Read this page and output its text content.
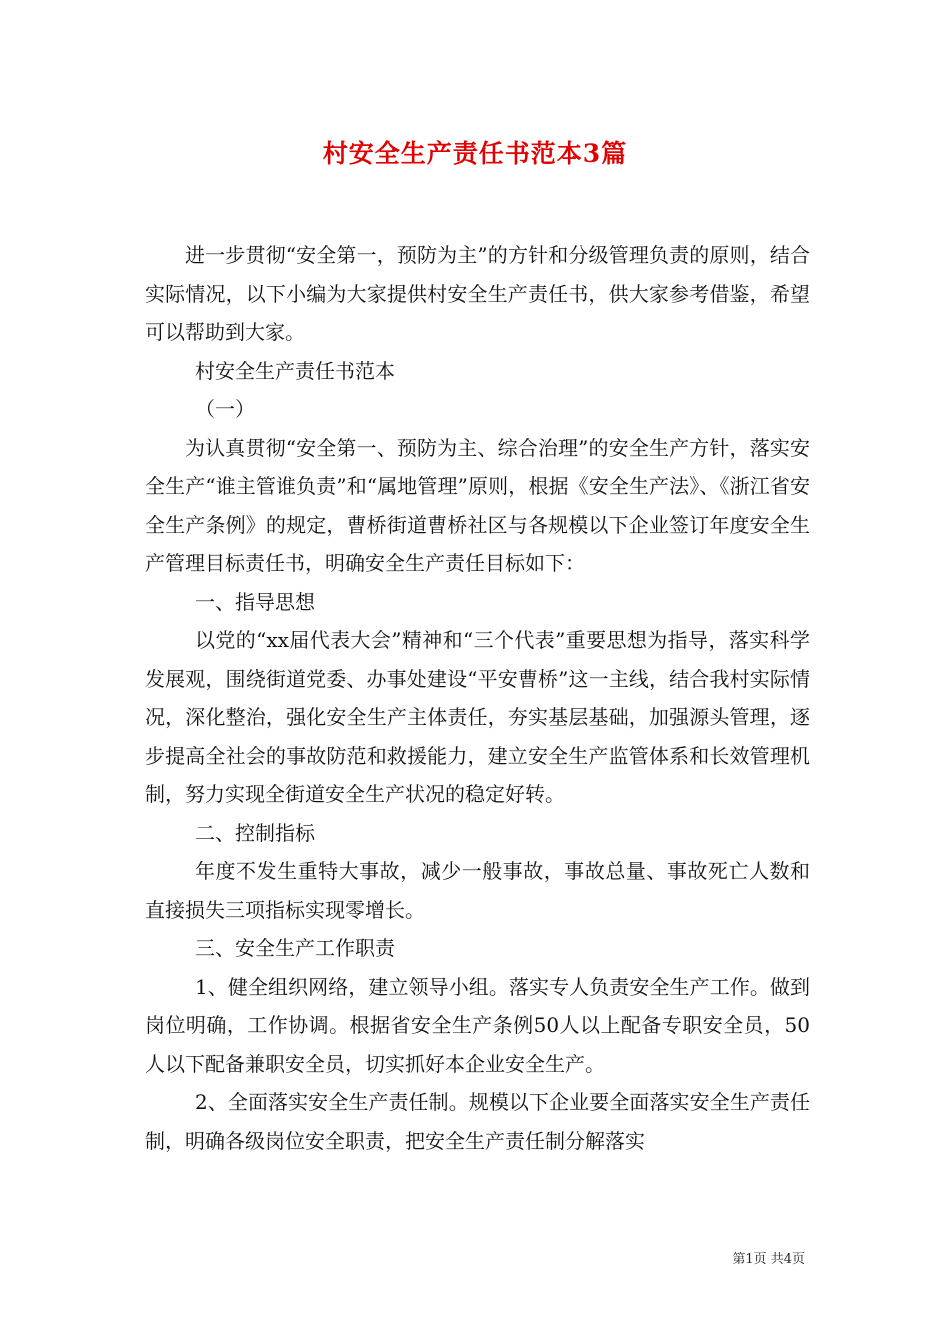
村安全生产责任书范本3篇

进一步贯彻“安全第一，预防为主”的方针和分级管理负责的原则，结合实际情况，以下小编为大家提供村安全生产责任书，供大家参考借鉴，希望可以帮助到大家。

村安全生产责任书范本

（一）

为认真贯彻“安全第一、预防为主、综合治理”的安全生产方针，落实安全生产“谁主管谁负责”和“属地管理”原则，根据《安全生产法》、《浙江省安全生产条例》的规定，曹桥街道曹桥社区与各规模以下企业签订年度安全生产管理目标责任书，明确安全生产责任目标如下：

一、指导思想

以党的“xx届代表大会”精神和“三个代表”重要思想为指导，落实科学发展观，围绕街道党委、办事处建设“平安曹桥”这一主线，结合我村实际情况，深化整治，强化安全生产主体责任，夯实基层基础，加强源头管理，逐步提高全社会的事故防范和救援能力，建立安全生产监管体系和长效管理机制，努力实现全街道安全生产状况的稳定好转。

二、控制指标

年度不发生重特大事故，减少一般事故，事故总量、事故死亡人数和直接损失三项指标实现零增长。

三、安全生产工作职责

1、健全组织网络，建立领导小组。落实专人负责安全生产工作。做到岗位明确，工作协调。根据省安全生产条例50人以上配备专职安全员，50人以下配备兼职安全员，切实抓好本企业安全生产。

2、全面落实安全生产责任制。规模以下企业要全面落实安全生产责任制，明确各级岗位安全职责，把安全生产责任制分解落实

第1页 共4页
